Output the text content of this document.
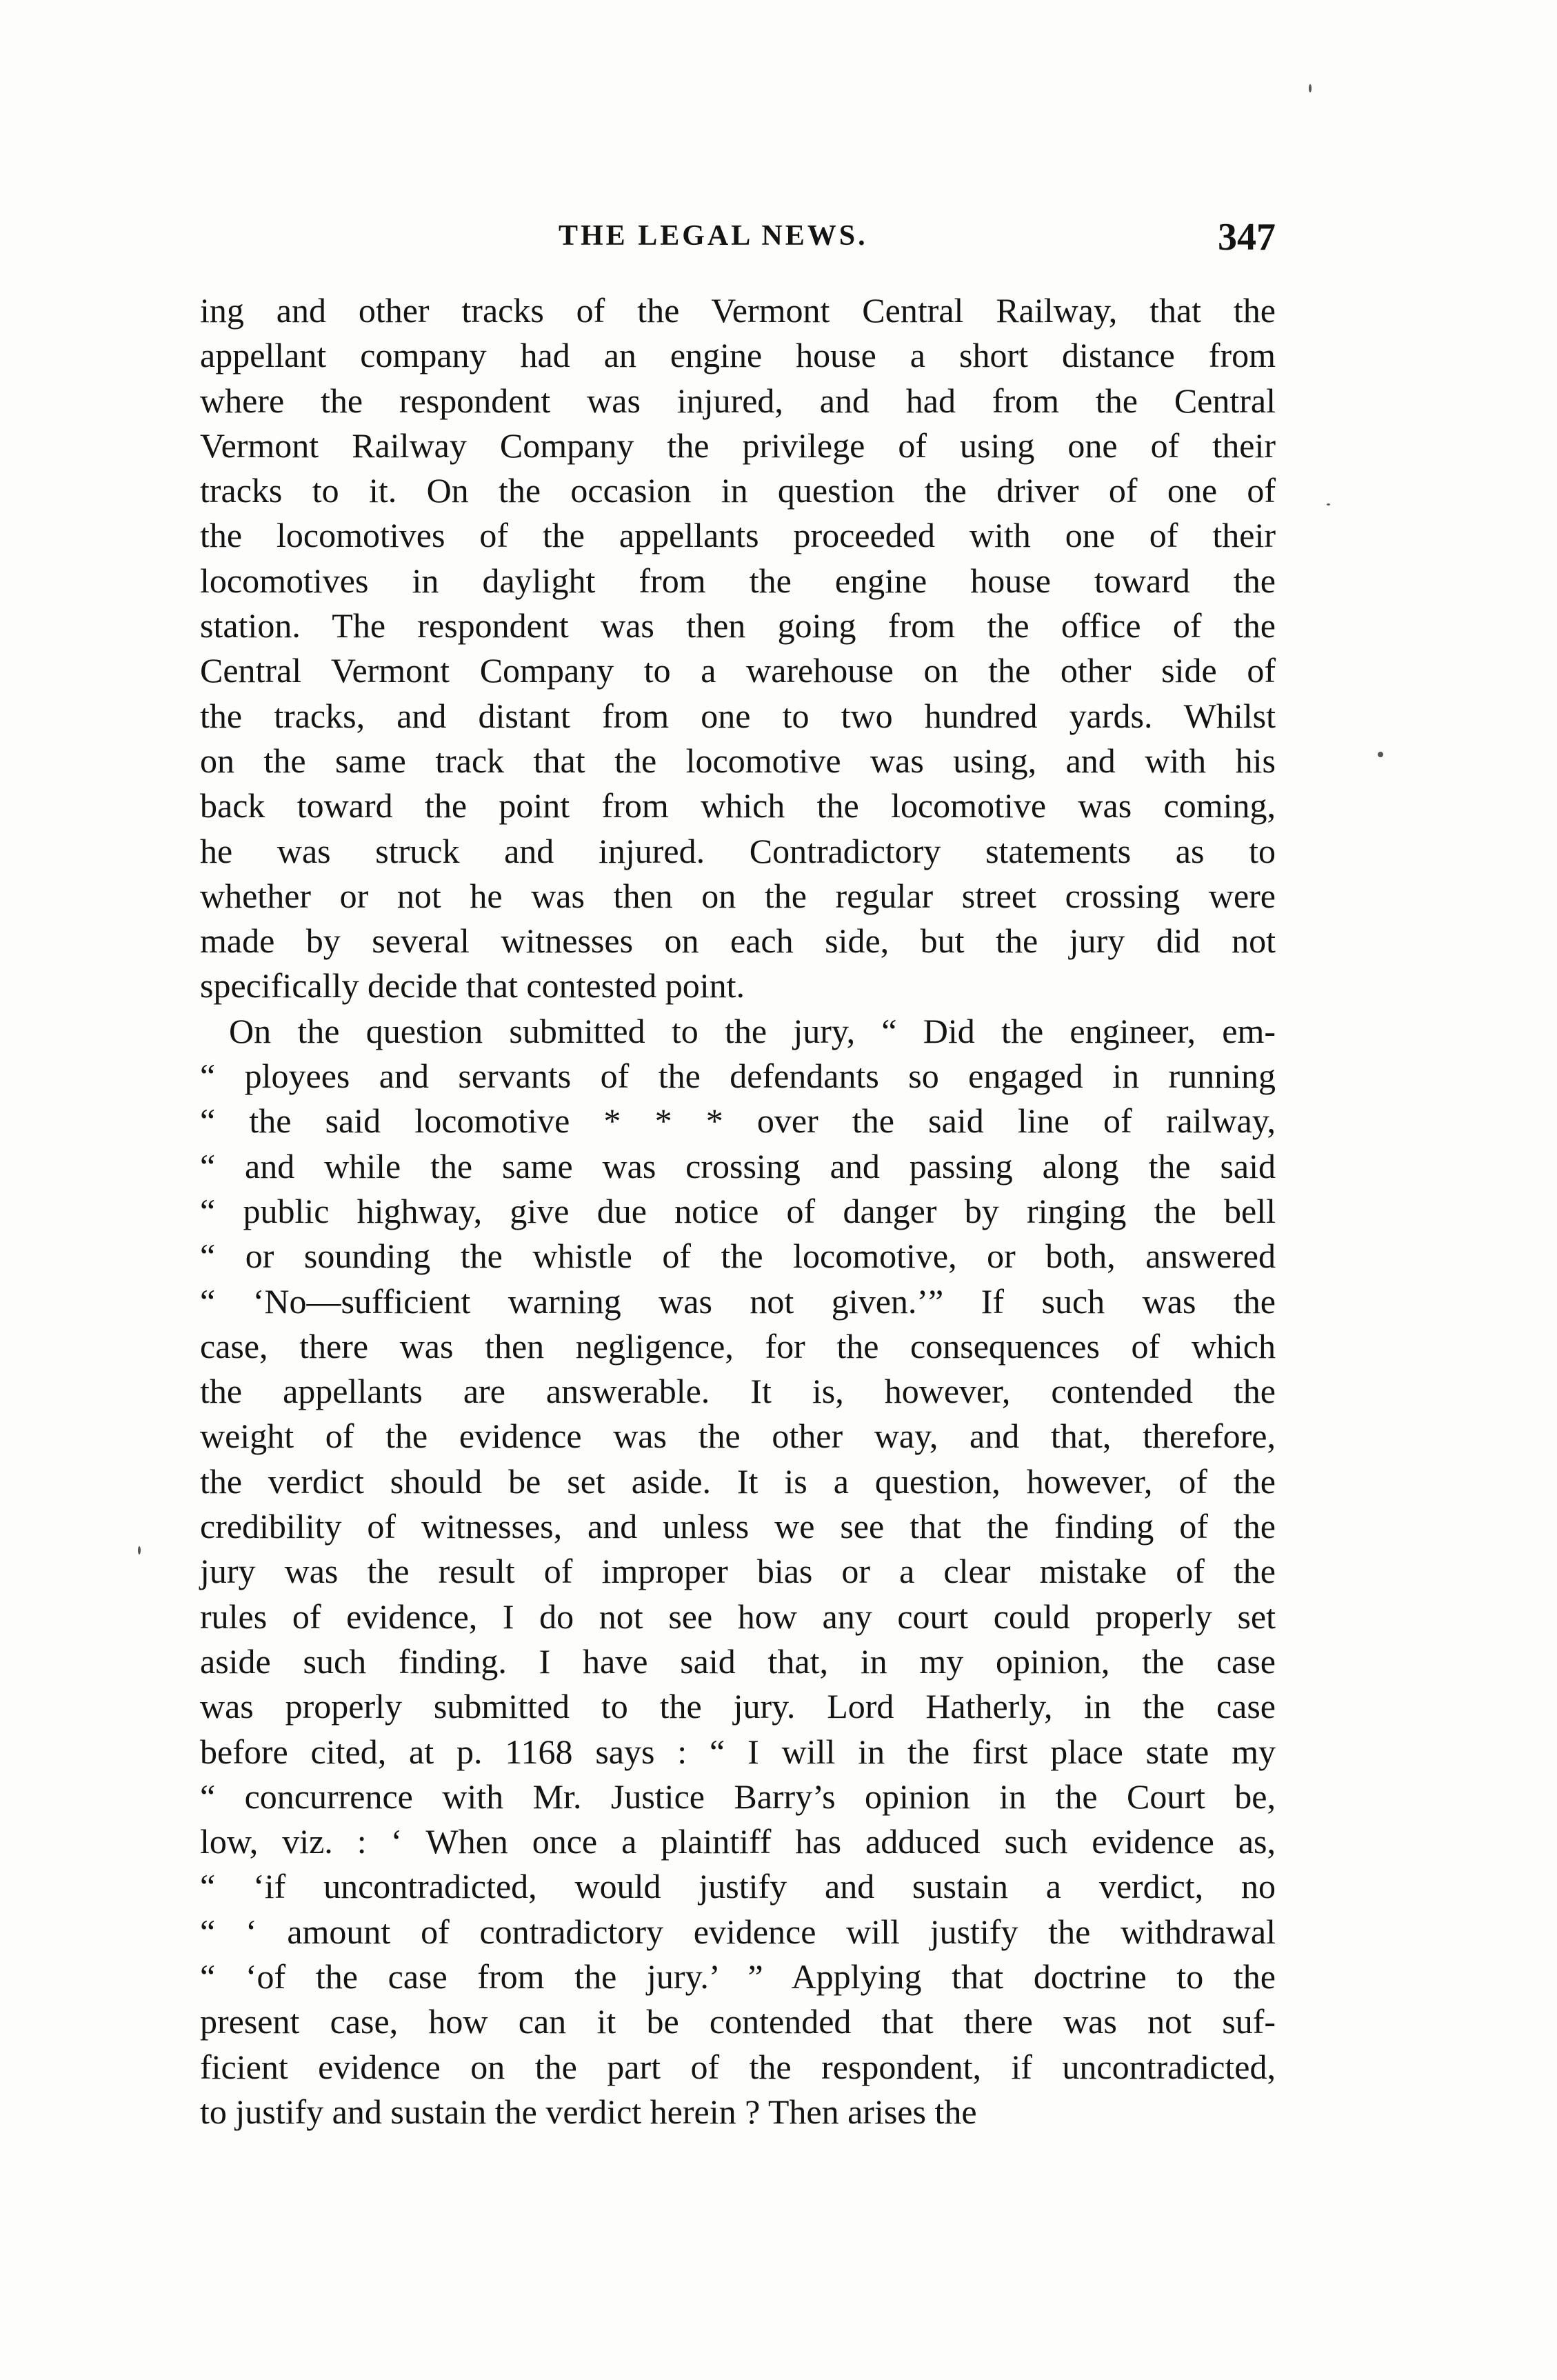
THE LEGAL NEWS.	347
ing and other tracks of the Vermont Central Railway, that the
appellant company had an engine house a short distance from
where the respondent was injured, and had from the Central
Vermont Railway Company the privilege of using one of their
tracks to it. On the occasion in question the driver of one of
the locomotives of the appellants proceeded with one of their
locomotives in daylight from the engine house toward the
station. The respondent was then going from the office of the
Central Vermont Company to a warehouse on the other side of
the tracks, and distant from one to two hundred yards. Whilst
on the same track that the locomotive was using, and with his
back toward the point from which the locomotive was coming,
he was struck and injured. Contradictory statements as to
whether or not he was then on the regular street crossing were
made by several witnesses on each side, but the jury did not
specifically decide that contested point.
On the question submitted to the jury, “ Did the engineer, em-
“ ployees and servants of the defendants so engaged in running
“ the said locomotive * * * over the said line of railway,
“ and while the same was crossing and passing along the said
“ public highway, give due notice of danger by ringing the bell
“ or sounding the whistle of the locomotive, or both, answered
“ ‘No—sufficient warning was not given.’” If such was the
case, there was then negligence, for the consequences of which
the appellants are answerable. It is, however, contended the
weight of the evidence was the other way, and that, therefore,
the verdict should be set aside. It is a question, however, of the
credibility of witnesses, and unless we see that the finding of the
jury was the result of improper bias or a clear mistake of the
rules of evidence, I do not see how any court could properly set
aside such finding. I have said that, in my opinion, the case
was properly submitted to the jury. Lord Hatherly, in the case
before cited, at p. 1168 says : “ I will in the first place state my
“ concurrence with Mr. Justice Barry’s opinion in the Court be,
low, viz. : ‘ When once a plaintiff has adduced such evidence as,
“ ‘if uncontradicted, would justify and sustain a verdict, no
“ ‘ amount of contradictory evidence will justify the withdrawal
“ ‘of the case from the jury.’ ” Applying that doctrine to the
present case, how can it be contended that there was not suf-
ficient evidence on the part of the respondent, if uncontradicted,
to justify and sustain the verdict herein ? Then arises the
